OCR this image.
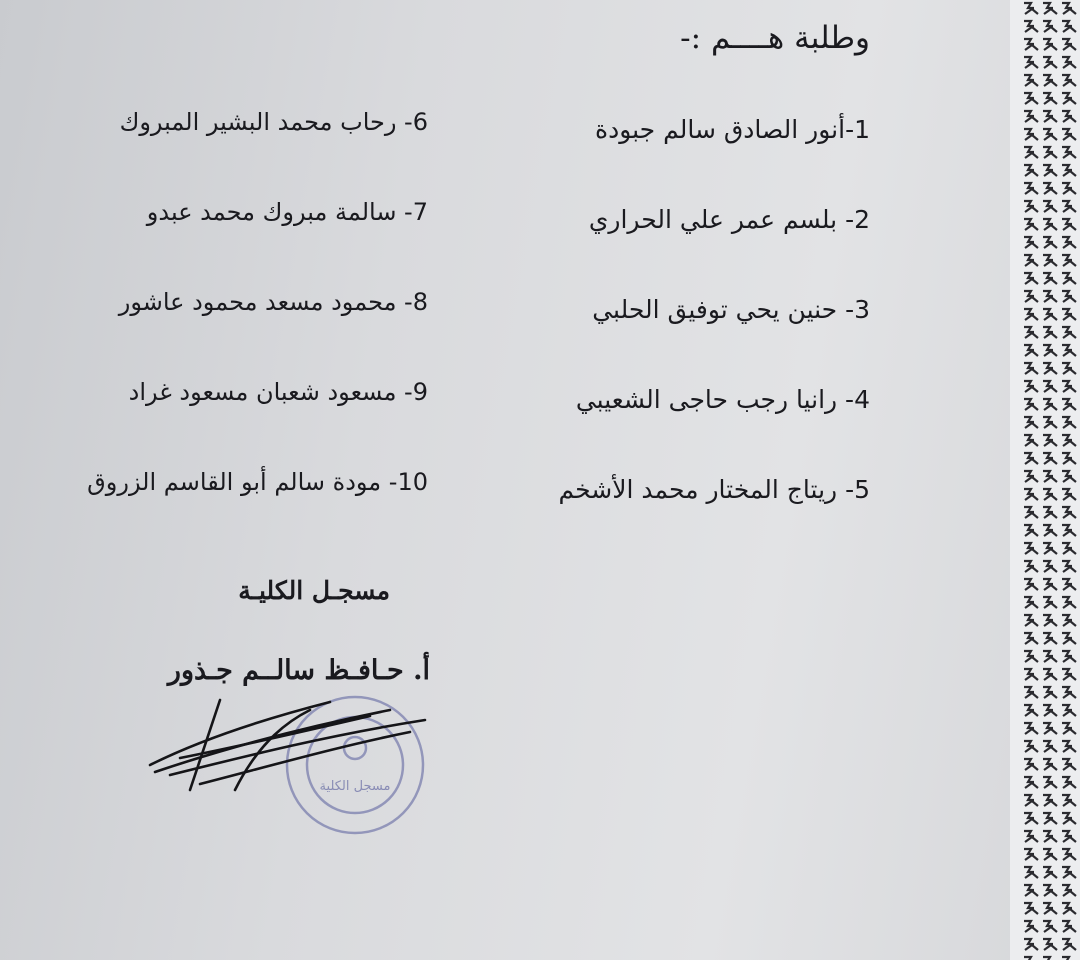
وطلبة هــــم :-
1-أنور الصادق سالم جبودة
2- بلسم عمر علي الحراري
3- حنين يحي توفيق الحلبي
4- رانيا رجب حاجى الشعيبي
5- ريتاج المختار محمد الأشخم
6- رحاب محمد البشير المبروك
7- سالمة مبروك محمد عبدو
8- محمود مسعد محمود عاشور
9- مسعود شعبان مسعود غراد
10- مودة سالم أبو القاسم الزروق
مسجـل الكليـة
أ. حـافـظ سالــم جـذور
مسجل الكلية
